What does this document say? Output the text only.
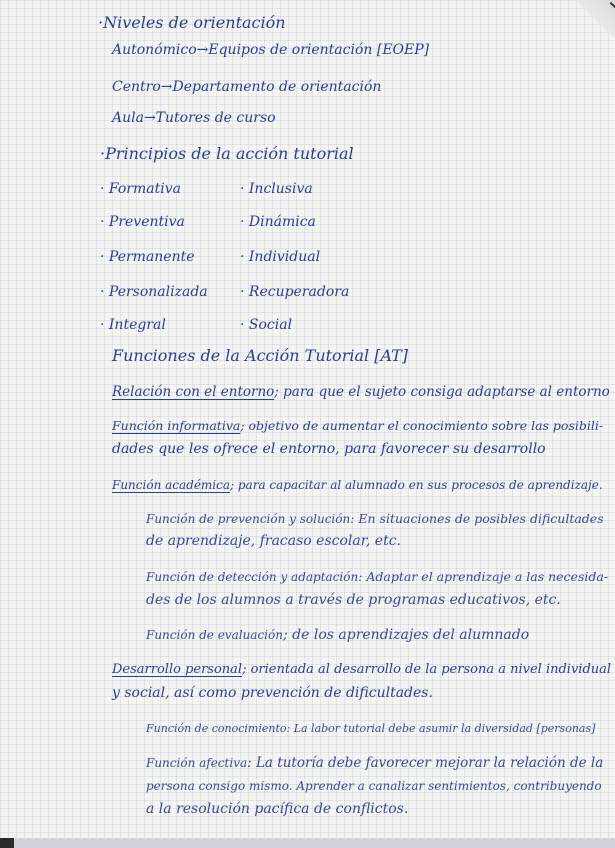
·Niveles de orientación
Autonómico→Equipos de orientación [EOEP]
Centro→Departamento de orientación
Aula→Tutores de curso
·Principios de la acción tutorial
· Formativa	· Inclusiva
· Preventiva	· Dinámica
· Permanente	· Individual
· Personalizada · Recuperadora
· Integral	· Social
Funciones de la Acción Tutorial [AT]
Relación con el entorno; para que el sujeto consiga adaptarse al entorno
Función informativa; objetivo de aumentar el conocimiento sobre las posibili-
dades que les ofrece el entorno, para favorecer su desarrollo
Función académica; para capacitar al alumnado en sus procesos de aprendizaje.
Función de prevención y solución: En situaciones de posibles dificultades
de aprendizaje, fracaso escolar, etc.
Función de detección y adaptación: Adaptar el aprendizaje a las necesida-
des de los alumnos a través de programas educativos, etc.
Función de evaluación; de los aprendizajes del alumnado
Desarrollo personal; orientada al desarrollo de la persona a nivel individual
y social, así como prevención de dificultades.
Función de conocimiento: La labor tutorial debe asumir la diversidad [personas]
Función afectiva: La tutoría debe favorecer mejorar la relación de la
persona consigo mismo. Aprender a canalizar sentimientos, contribuyendo
a la resolución pacífica de conflictos.
